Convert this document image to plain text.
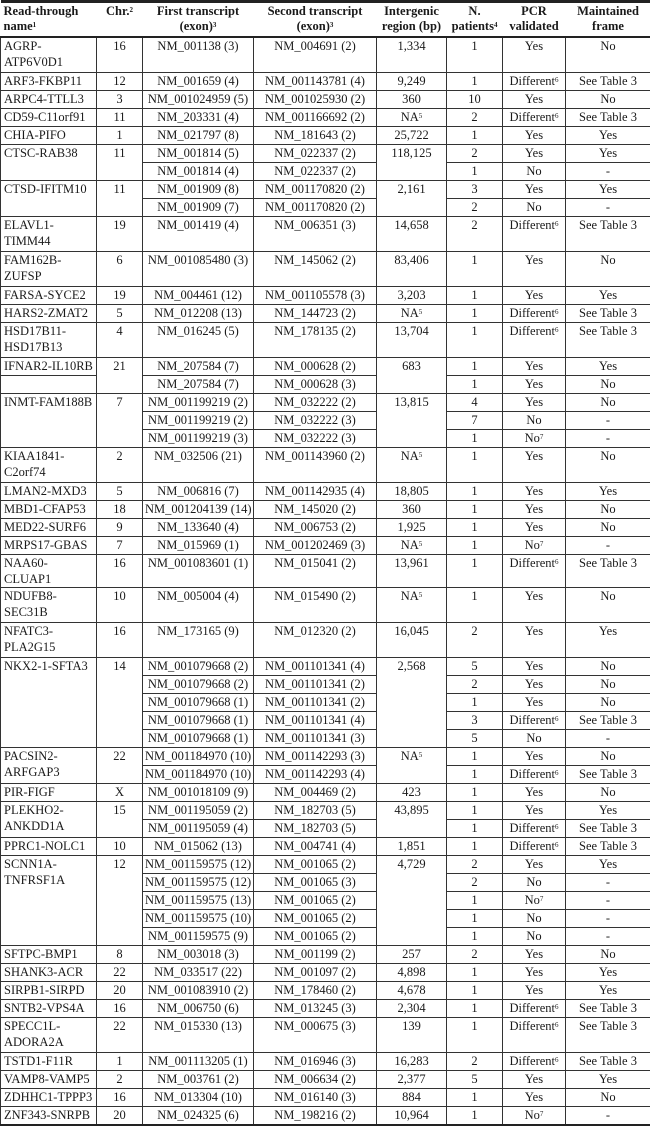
Read-through name$^1$	Chr.$^2$	First transcript (exon)$^3$	Second transcript (exon)$^3$	Intergenic region (bp)	N. patients$^4$	PCR validated	Maintained frame
AGRP-ATP6V0D1	16	NM_001138 (3)	NM_004691 (2)	1,334	1	Yes	No
ARF3-FKBP11	12	NM_001659 (4)	NM_001143781 (4)	9,249	1	Different$^6$	See Table 3
ARPC4-TTLL3	3	NM_001024959 (5)	NM_001025930 (2)	360	10	Yes	No
CD59-C11orf91	11	NM_203331 (4)	NM_001166692 (2)	$NA^5$	2	Different$^6$	See Table 3
CHIA-PIFO	1	NM_021797 (8)	NM_181643 (2)	25,722	1	Yes	Yes
CTSC-RAB38	11	NM_001814 (5)	NM_022337 (2)	118,125	2	Yes	Yes
		NM_001814 (4)	NM_022337 (2)		1	No	-
CTSD-IFITM10	11	NM_001909 (8)	NM_001170820 (2)	2,161	3	Yes	Yes
		NM_001909 (7)	NM_001170820 (2)		2	No	-
ELAVL1-TIMM44	19	NM_001419 (4)	NM_006351 (3)	14,658	2	Different$^6$	See Table 3
FAM162B-ZUFSP	6	NM_001085480 (3)	NM_145062 (2)	83,406	1	Yes	No
FARSA-SYCE2	19	NM_004461 (12)	NM_001105578 (3)	3,203	1	Yes	Yes
HARS2-ZMAT2	5	NM_012208 (13)	NM_144723 (2)	$NA^5$	1	Different$^6$	See Table 3
HSD17B11-HSD17B13	4	NM_016245 (5)	NM_178135 (2)	13,704	1	Different$^6$	See Table 3
IFNAR2-IL10RB	21	NM_207584 (7)	NM_000628 (2)	683	1	Yes	Yes
		NM_207584 (7)	NM_000628 (3)		1	Yes	No
INMT-FAM188B	7	NM_001199219 (2)	NM_032222 (2)	13,815	4	Yes	No
		NM_001199219 (2)	NM_032222 (3)		7	No	-
		NM_001199219 (3)	NM_032222 (3)		1	No$^7$	-
KIAA1841-C2orf74	2	NM_032506 (21)	NM_001143960 (2)	$NA^5$	1	Yes	No
LMAN2-MXD3	5	NM_006816 (7)	NM_001142935 (4)	18,805	1	Yes	Yes
MBD1-CFAP53	18	NM_001204139 (14)	NM_145020 (2)	360	1	Yes	No
MED22-SURF6	9	NM_133640 (4)	NM_006753 (2)	1,925	1	Yes	No
MRPS17-GBAS	7	NM_015969 (1)	NM_001202469 (3)	$NA^5$	1	No$^7$	-
NAA60-CLUAP1	16	NM_001083601 (1)	NM_015041 (2)	13,961	1	Different$^6$	See Table 3
NDUFB8-SEC31B	10	NM_005004 (4)	NM_015490 (2)	$NA^5$	1	Yes	No
NFATC3-PLA2G15	16	NM_173165 (9)	NM_012320 (2)	16,045	2	Yes	Yes
NKX2-1-SFTA3	14	NM_001079668 (2)	NM_001101341 (4)	2,568	5	Yes	No
		NM_001079668 (2)	NM_001101341 (2)		2	Yes	No
		NM_001079668 (1)	NM_001101341 (2)		1	Yes	No
		NM_001079668 (1)	NM_001101341 (4)		3	Different$^6$	See Table 3
		NM_001079668 (1)	NM_001101341 (3)		5	No	-
PACSIN2-ARFGAP3	22	NM_001184970 (10)	NM_001142293 (3)	$NA^5$	1	Yes	No
		NM_001184970 (10)	NM_001142293 (4)		1	Different$^6$	See Table 3
PIR-FIGF	X	NM_001018109 (9)	NM_004469 (2)	423	1	Yes	No
PLEKHO2-ANKDD1A	15	NM_001195059 (2)	NM_182703 (5)	43,895	1	Yes	Yes
		NM_001195059 (4)	NM_182703 (5)		1	Different$^6$	See Table 3
PPRC1-NOLC1	10	NM_015062 (13)	NM_004741 (4)	1,851	1	Different$^6$	See Table 3
SCNN1A-TNFRSF1A	12	NM_001159575 (12)	NM_001065 (2)	4,729	2	Yes	Yes
		NM_001159575 (12)	NM_001065 (3)		2	No	-
		NM_001159575 (13)	NM_001065 (2)		1	No$^7$	-
		NM_001159575 (10)	NM_001065 (2)		1	No	-
		NM_001159575 (9)	NM_001065 (2)		1	No	-
SFTPC-BMP1	8	NM_003018 (3)	NM_001199 (2)	257	2	Yes	No
SHANK3-ACR	22	NM_033517 (22)	NM_001097 (2)	4,898	1	Yes	Yes
SIRPB1-SIRPD	20	NM_001083910 (2)	NM_178460 (2)	4,678	1	Yes	Yes
SNTB2-VPS4A	16	NM_006750 (6)	NM_013245 (3)	2,304	1	Different$^6$	See Table 3
SPECC1L-ADORA2A	22	NM_015330 (13)	NM_000675 (3)	139	1	Different$^6$	See Table 3
TSTD1-F11R	1	NM_001113205 (1)	NM_016946 (3)	16,283	2	Different$^6$	See Table 3
VAMP8-VAMP5	2	NM_003761 (2)	NM_006634 (2)	2,377	5	Yes	Yes
ZDHHC1-TPPP3	16	NM_013304 (10)	NM_016140 (3)	884	1	Yes	No
ZNF343-SNRPB	20	NM_024325 (6)	NM_198216 (2)	10,964	1	No$^7$	-
